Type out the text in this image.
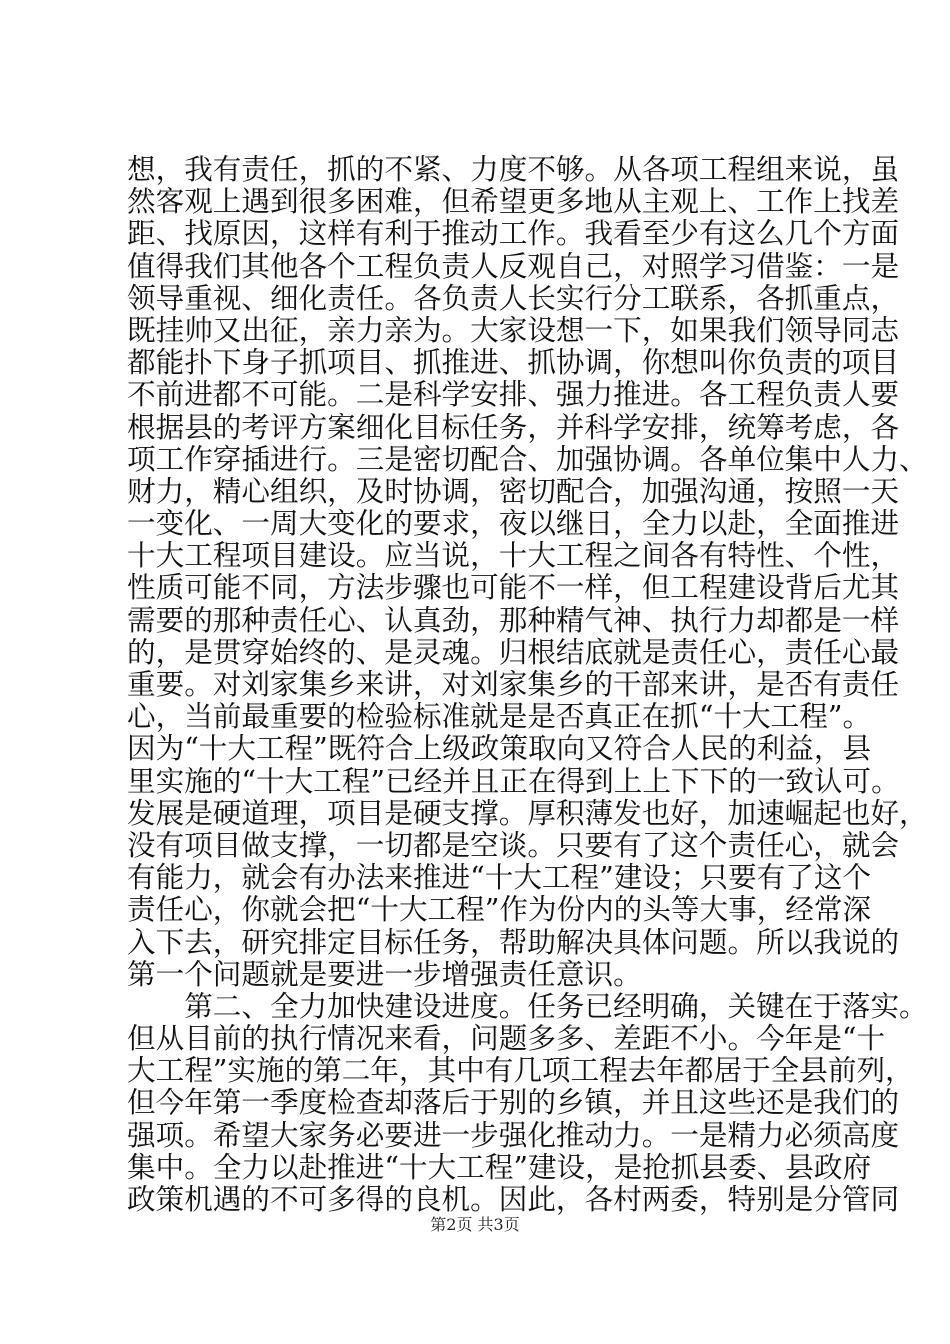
想，我有责任，抓的不紧、力度不够。从各项工程组来说，虽
然客观上遇到很多困难，但希望更多地从主观上、工作上找差
距、找原因，这样有利于推动工作。我看至少有这么几个方面
值得我们其他各个工程负责人反观自己，对照学习借鉴：一是
领导重视、细化责任。各负责人长实行分工联系，各抓重点，
既挂帅又出征，亲力亲为。大家设想一下，如果我们领导同志
都能扑下身子抓项目、抓推进、抓协调，你想叫你负责的项目
不前进都不可能。二是科学安排、强力推进。各工程负责人要
根据县的考评方案细化目标任务，并科学安排，统筹考虑，各
项工作穿插进行。三是密切配合、加强协调。各单位集中人力、
财力，精心组织，及时协调，密切配合，加强沟通，按照一天
一变化、一周大变化的要求，夜以继日，全力以赴，全面推进
十大工程项目建设。应当说，十大工程之间各有特性、个性，
性质可能不同，方法步骤也可能不一样，但工程建设背后尤其
需要的那种责任心、认真劲，那种精气神、执行力却都是一样
的，是贯穿始终的、是灵魂。归根结底就是责任心，责任心最
重要。对刘家集乡来讲，对刘家集乡的干部来讲，是否有责任
心，当前最重要的检验标准就是是否真正在抓“十大工程”。
因为“十大工程”既符合上级政策取向又符合人民的利益，县
里实施的“十大工程”已经并且正在得到上上下下的一致认可。
发展是硬道理，项目是硬支撑。厚积薄发也好，加速崛起也好，
没有项目做支撑，一切都是空谈。只要有了这个责任心，就会
有能力，就会有办法来推进“十大工程”建设；只要有了这个
责任心，你就会把“十大工程”作为份内的头等大事，经常深
入下去，研究排定目标任务，帮助解决具体问题。所以我说的
第一个问题就是要进一步增强责任意识。
　　第二、全力加快建设进度。任务已经明确，关键在于落实。
但从目前的执行情况来看，问题多多、差距不小。今年是“十
大工程”实施的第二年，其中有几项工程去年都居于全县前列，
但今年第一季度检查却落后于别的乡镇，并且这些还是我们的
强项。希望大家务必要进一步强化推动力。一是精力必须高度
集中。全力以赴推进“十大工程”建设，是抢抓县委、县政府
政策机遇的不可多得的良机。因此，各村两委，特别是分管同
第2页 共3页
